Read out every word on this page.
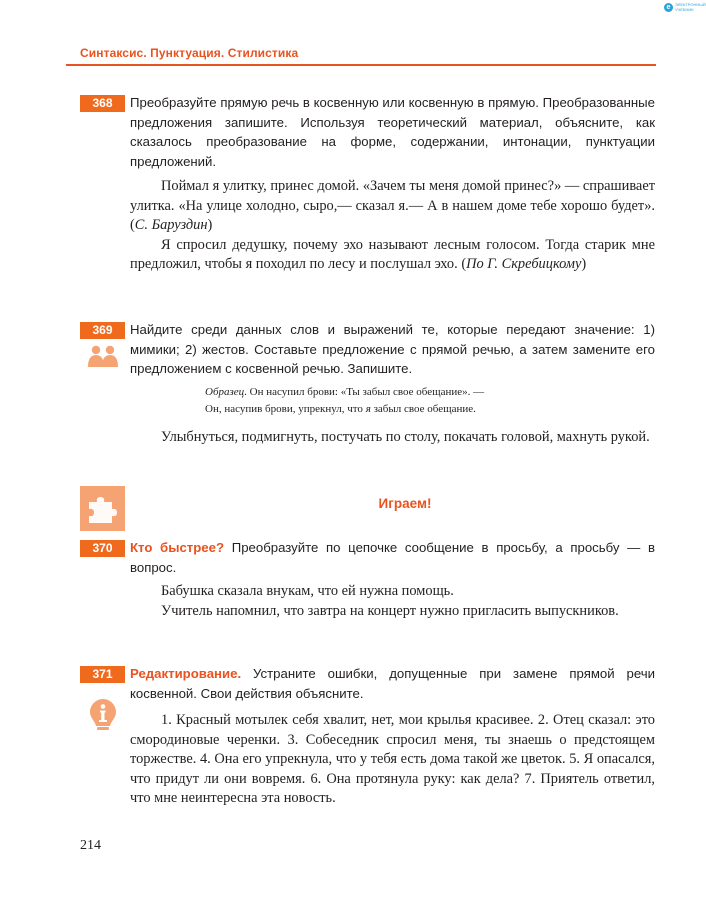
e	ЭЛЕКТРОННЫЙ УЧЕБНИК
Синтаксис. Пунктуация. Стилистика
368	Преобразуйте прямую речь в косвенную или косвенную в прямую. Преобразованные предложения запишите. Используя теоретический материал, объясните, как сказалось преобразование на форме, содержании, интонации, пунктуации предложений.

Поймал я улитку, принес домой. «Зачем ты меня домой принес?» — спрашивает улитка. «На улице холодно, сыро,— сказал я.— А в нашем доме тебе хорошо будет». (С. Баруздин)

Я спросил дедушку, почему эхо называют лесным голосом. Тогда старик мне предложил, чтобы я походил по лесу и послушал эхо. (По Г. Скребицкому)

369	Найдите среди данных слов и выражений те, которые передают значение: 1) мимики; 2) жестов. Составьте предложение с прямой речью, а затем замените его предложением с косвенной речью. Запишите.
Образец. Он насупил брови: «Ты забыл свое обещание». —
Он, насупив брови, упрекнул, что я забыл свое обещание.

Улыбнуться, подмигнуть, постучать по столу, покачать головой, махнуть рукой.

Играем!
370	Кто быстрее? Преобразуйте по цепочке сообщение в просьбу, а просьбу — в вопрос.

Бабушка сказала внукам, что ей нужна помощь.

Учитель напомнил, что завтра на концерт нужно пригласить выпускников.

371	Редактирование. Устраните ошибки, допущенные при замене прямой речи косвенной. Свои действия объясните.

1. Красный мотылек себя хвалит, нет, мои крылья красивее. 2. Отец сказал: это смородиновые черенки. 3. Собеседник спросил меня, ты знаешь о предстоящем торжестве. 4. Она его упрекнула, что у тебя есть дома такой же цветок. 5. Я опасался, что придут ли они вовремя. 6. Она протянула руку: как дела? 7. Приятель ответил, что мне неинтересна эта новость.

214
